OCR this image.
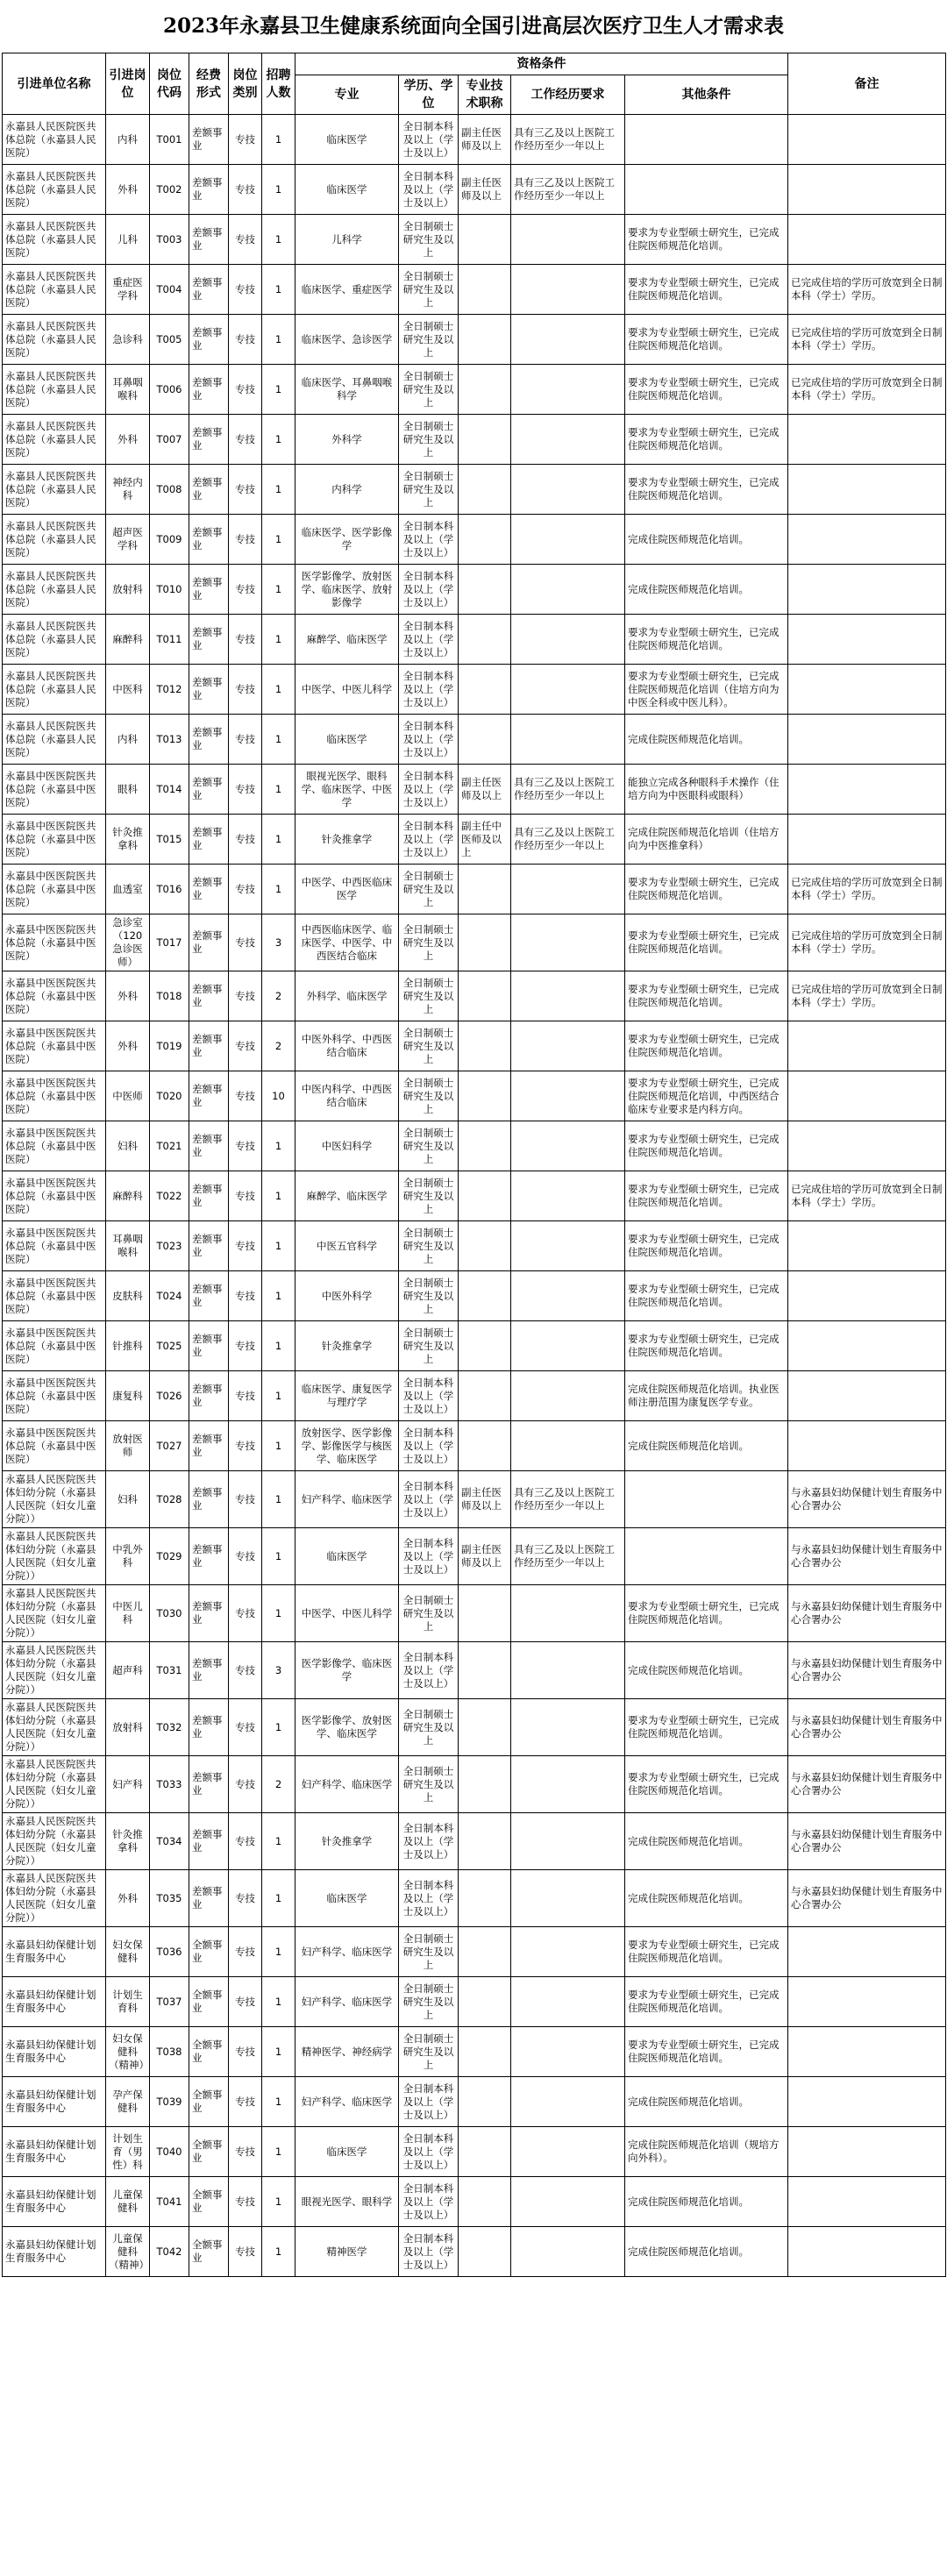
2023年永嘉县卫生健康系统面向全国引进高层次医疗卫生人才需求表
引进单位名称	引进岗位	岗位代码	经费形式	岗位类别	招聘人数	资格条件					备注
						专业	学历、学位	专业技术职称	工作经历要求	其他条件	
永嘉县人民医院医共体总院（永嘉县人民医院）	内科	T001	差额事业	专技	1	临床医学	全日制本科及以上（学士及以上）	副主任医师及以上	具有三乙及以上医院工作经历至少一年以上		
永嘉县人民医院医共体总院（永嘉县人民医院）	外科	T002	差额事业	专技	1	临床医学	全日制本科及以上（学士及以上）	副主任医师及以上	具有三乙及以上医院工作经历至少一年以上		
永嘉县人民医院医共体总院（永嘉县人民医院）	儿科	T003	差额事业	专技	1	儿科学	全日制硕士研究生及以上			要求为专业型硕士研究生，已完成住院医师规范化培训。	
永嘉县人民医院医共体总院（永嘉县人民医院）	重症医学科	T004	差额事业	专技	1	临床医学、重症医学	全日制硕士研究生及以上			要求为专业型硕士研究生，已完成住院医师规范化培训。	已完成住培的学历可放宽到全日制本科（学士）学历。
永嘉县人民医院医共体总院（永嘉县人民医院）	急诊科	T005	差额事业	专技	1	临床医学、急诊医学	全日制硕士研究生及以上			要求为专业型硕士研究生，已完成住院医师规范化培训。	已完成住培的学历可放宽到全日制本科（学士）学历。
永嘉县人民医院医共体总院（永嘉县人民医院）	耳鼻咽喉科	T006	差额事业	专技	1	临床医学、耳鼻咽喉科学	全日制硕士研究生及以上			要求为专业型硕士研究生，已完成住院医师规范化培训。	已完成住培的学历可放宽到全日制本科（学士）学历。
永嘉县人民医院医共体总院（永嘉县人民医院）	外科	T007	差额事业	专技	1	外科学	全日制硕士研究生及以上			要求为专业型硕士研究生，已完成住院医师规范化培训。	
永嘉县人民医院医共体总院（永嘉县人民医院）	神经内科	T008	差额事业	专技	1	内科学	全日制硕士研究生及以上			要求为专业型硕士研究生，已完成住院医师规范化培训。	
永嘉县人民医院医共体总院（永嘉县人民医院）	超声医学科	T009	差额事业	专技	1	临床医学、医学影像学	全日制本科及以上（学士及以上）			完成住院医师规范化培训。	
永嘉县人民医院医共体总院（永嘉县人民医院）	放射科	T010	差额事业	专技	1	医学影像学、放射医学、临床医学、放射影像学	全日制本科及以上（学士及以上）			完成住院医师规范化培训。	
永嘉县人民医院医共体总院（永嘉县人民医院）	麻醉科	T011	差额事业	专技	1	麻醉学、临床医学	全日制本科及以上（学士及以上）			要求为专业型硕士研究生，已完成住院医师规范化培训。	
永嘉县人民医院医共体总院（永嘉县人民医院）	中医科	T012	差额事业	专技	1	中医学、中医儿科学	全日制本科及以上（学士及以上）			要求为专业型硕士研究生，已完成住院医师规范化培训（住培方向为中医全科或中医儿科）。	
永嘉县人民医院医共体总院（永嘉县人民医院）	内科	T013	差额事业	专技	1	临床医学	全日制本科及以上（学士及以上）			完成住院医师规范化培训。	
永嘉县中医医院医共体总院（永嘉县中医医院）	眼科	T014	差额事业	专技	1	眼视光医学、眼科学、临床医学、中医学	全日制本科及以上（学士及以上）	副主任医师及以上	具有三乙及以上医院工作经历至少一年以上	能独立完成各种眼科手术操作（住培方向为中医眼科或眼科）	
永嘉县中医医院医共体总院（永嘉县中医医院）	针灸推拿科	T015	差额事业	专技	1	针灸推拿学	全日制本科及以上（学士及以上）	副主任中医师及以上	具有三乙及以上医院工作经历至少一年以上	完成住院医师规范化培训（住培方向为中医推拿科）	
永嘉县中医医院医共体总院（永嘉县中医医院）	血透室	T016	差额事业	专技	1	中医学、中西医临床医学	全日制硕士研究生及以上			要求为专业型硕士研究生，已完成住院医师规范化培训。	已完成住培的学历可放宽到全日制本科（学士）学历。
永嘉县中医医院医共体总院（永嘉县中医医院）	急诊室（120急诊医师）	T017	差额事业	专技	3	中西医临床医学、临床医学、中医学、中西医结合临床	全日制硕士研究生及以上			要求为专业型硕士研究生，已完成住院医师规范化培训。	已完成住培的学历可放宽到全日制本科（学士）学历。
永嘉县中医医院医共体总院（永嘉县中医医院）	外科	T018	差额事业	专技	2	外科学、临床医学	全日制硕士研究生及以上			要求为专业型硕士研究生，已完成住院医师规范化培训。	已完成住培的学历可放宽到全日制本科（学士）学历。
永嘉县中医医院医共体总院（永嘉县中医医院）	外科	T019	差额事业	专技	2	中医外科学、中西医结合临床	全日制硕士研究生及以上			要求为专业型硕士研究生，已完成住院医师规范化培训。	
永嘉县中医医院医共体总院（永嘉县中医医院）	中医师	T020	差额事业	专技	10	中医内科学、中西医结合临床	全日制硕士研究生及以上			要求为专业型硕士研究生，已完成住院医师规范化培训，中西医结合临床专业要求是内科方向。	
永嘉县中医医院医共体总院（永嘉县中医医院）	妇科	T021	差额事业	专技	1	中医妇科学	全日制硕士研究生及以上			要求为专业型硕士研究生，已完成住院医师规范化培训。	
永嘉县中医医院医共体总院（永嘉县中医医院）	麻醉科	T022	差额事业	专技	1	麻醉学、临床医学	全日制硕士研究生及以上			要求为专业型硕士研究生，已完成住院医师规范化培训。	已完成住培的学历可放宽到全日制本科（学士）学历。
永嘉县中医医院医共体总院（永嘉县中医医院）	耳鼻咽喉科	T023	差额事业	专技	1	中医五官科学	全日制硕士研究生及以上			要求为专业型硕士研究生，已完成住院医师规范化培训。	
永嘉县中医医院医共体总院（永嘉县中医医院）	皮肤科	T024	差额事业	专技	1	中医外科学	全日制硕士研究生及以上			要求为专业型硕士研究生，已完成住院医师规范化培训。	
永嘉县中医医院医共体总院（永嘉县中医医院）	针推科	T025	差额事业	专技	1	针灸推拿学	全日制硕士研究生及以上			要求为专业型硕士研究生，已完成住院医师规范化培训。	
永嘉县中医医院医共体总院（永嘉县中医医院）	康复科	T026	差额事业	专技	1	临床医学、康复医学与理疗学	全日制本科及以上（学士及以上）			完成住院医师规范化培训。执业医师注册范围为康复医学专业。	
永嘉县中医医院医共体总院（永嘉县中医医院）	放射医师	T027	差额事业	专技	1	放射医学、医学影像学、影像医学与核医学、临床医学	全日制本科及以上（学士及以上）			完成住院医师规范化培训。	
永嘉县人民医院医共体妇幼分院（永嘉县人民医院（妇女儿童分院））	妇科	T028	差额事业	专技	1	妇产科学、临床医学	全日制本科及以上（学士及以上）	副主任医师及以上	具有三乙及以上医院工作经历至少一年以上		与永嘉县妇幼保健计划生育服务中心合署办公
永嘉县人民医院医共体妇幼分院（永嘉县人民医院（妇女儿童分院））	中乳外科	T029	差额事业	专技	1	临床医学	全日制本科及以上（学士及以上）	副主任医师及以上	具有三乙及以上医院工作经历至少一年以上		与永嘉县妇幼保健计划生育服务中心合署办公
永嘉县人民医院医共体妇幼分院（永嘉县人民医院（妇女儿童分院））	中医儿科	T030	差额事业	专技	1	中医学、中医儿科学	全日制硕士研究生及以上			要求为专业型硕士研究生，已完成住院医师规范化培训。	与永嘉县妇幼保健计划生育服务中心合署办公
永嘉县人民医院医共体妇幼分院（永嘉县人民医院（妇女儿童分院））	超声科	T031	差额事业	专技	3	医学影像学、临床医学	全日制本科及以上（学士及以上）			完成住院医师规范化培训。	与永嘉县妇幼保健计划生育服务中心合署办公
永嘉县人民医院医共体妇幼分院（永嘉县人民医院（妇女儿童分院））	放射科	T032	差额事业	专技	1	医学影像学、放射医学、临床医学	全日制硕士研究生及以上			要求为专业型硕士研究生，已完成住院医师规范化培训。	与永嘉县妇幼保健计划生育服务中心合署办公
永嘉县人民医院医共体妇幼分院（永嘉县人民医院（妇女儿童分院））	妇产科	T033	差额事业	专技	2	妇产科学、临床医学	全日制硕士研究生及以上			要求为专业型硕士研究生，已完成住院医师规范化培训。	与永嘉县妇幼保健计划生育服务中心合署办公
永嘉县人民医院医共体妇幼分院（永嘉县人民医院（妇女儿童分院））	针灸推拿科	T034	差额事业	专技	1	针灸推拿学	全日制本科及以上（学士及以上）			完成住院医师规范化培训。	与永嘉县妇幼保健计划生育服务中心合署办公
永嘉县人民医院医共体妇幼分院（永嘉县人民医院（妇女儿童分院））	外科	T035	差额事业	专技	1	临床医学	全日制本科及以上（学士及以上）			完成住院医师规范化培训。	与永嘉县妇幼保健计划生育服务中心合署办公
永嘉县妇幼保健计划生育服务中心	妇女保健科	T036	全额事业	专技	1	妇产科学、临床医学	全日制硕士研究生及以上			要求为专业型硕士研究生，已完成住院医师规范化培训。	
永嘉县妇幼保健计划生育服务中心	计划生育科	T037	全额事业	专技	1	妇产科学、临床医学	全日制硕士研究生及以上			要求为专业型硕士研究生，已完成住院医师规范化培训。	
永嘉县妇幼保健计划生育服务中心	妇女保健科（精神）	T038	全额事业	专技	1	精神医学、神经病学	全日制硕士研究生及以上			要求为专业型硕士研究生，已完成住院医师规范化培训。	
永嘉县妇幼保健计划生育服务中心	孕产保健科	T039	全额事业	专技	1	妇产科学、临床医学	全日制本科及以上（学士及以上）			完成住院医师规范化培训。	
永嘉县妇幼保健计划生育服务中心	计划生育（男性）科	T040	全额事业	专技	1	临床医学	全日制本科及以上（学士及以上）			完成住院医师规范化培训（规培方向外科）。	
永嘉县妇幼保健计划生育服务中心	儿童保健科	T041	全额事业	专技	1	眼视光医学、眼科学	全日制本科及以上（学士及以上）			完成住院医师规范化培训。	
永嘉县妇幼保健计划生育服务中心	儿童保健科（精神）	T042	全额事业	专技	1	精神医学	全日制本科及以上（学士及以上）			完成住院医师规范化培训。	
